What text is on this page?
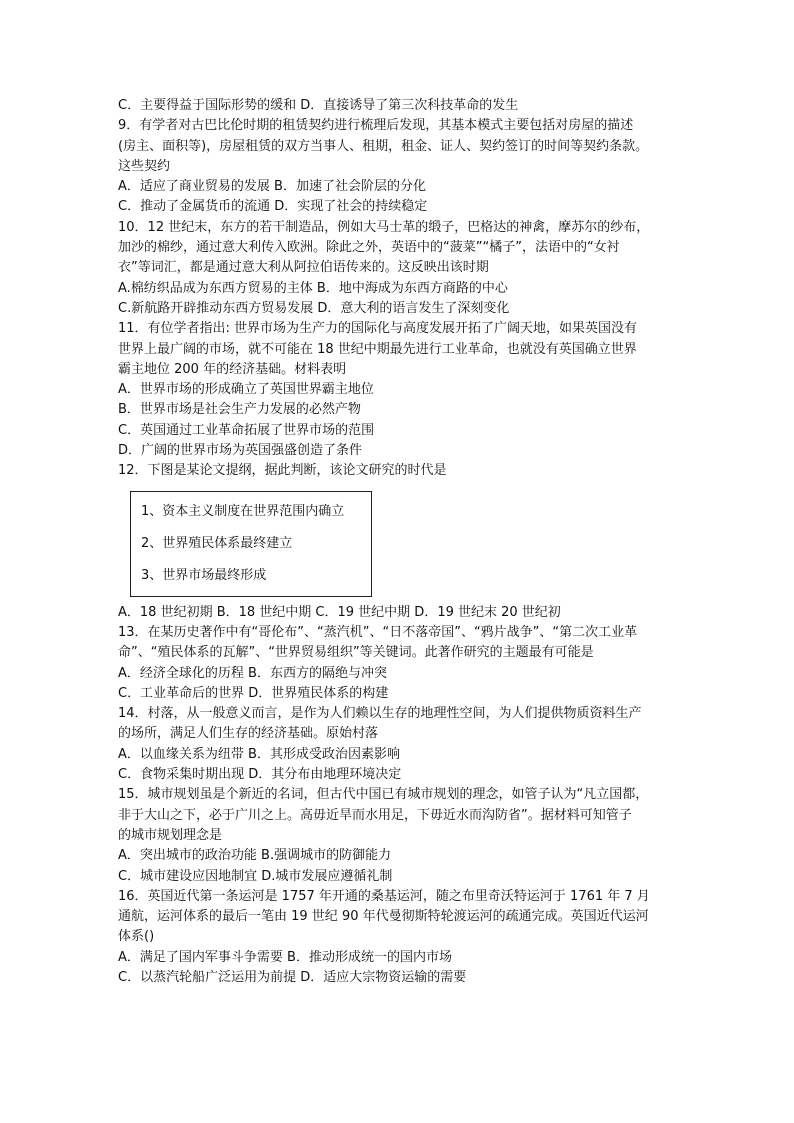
C．主要得益于国际形势的缓和 D．直接诱导了第三次科技革命的发生
9．有学者对古巴比伦时期的租赁契约进行梳理后发现，其基本模式主要包括对房屋的描述
(房主、面积等)，房屋租赁的双方当事人、租期，租金、证人、契约签订的时间等契约条款。
这些契约
A．适应了商业贸易的发展 B．加速了社会阶层的分化
C．推动了金属货币的流通 D．实现了社会的持续稳定
10．12 世纪末，东方的若干制造品，例如大马士革的缎子，巴格达的神禽，摩苏尔的纱布，
加沙的棉纱，通过意大利传入欧洲。除此之外，英语中的“菠菜”“橘子”，法语中的“女衬
衣”等词汇，都是通过意大利从阿拉伯语传来的。这反映出该时期
A.棉纺织品成为东西方贸易的主体 B．地中海成为东西方商路的中心
C.新航路开辟推动东西方贸易发展 D．意大利的语言发生了深刻变化
11．有位学者指出: 世界市场为生产力的国际化与高度发展开拓了广阔天地，如果英国没有
世界上最广阔的市场，就不可能在 18 世纪中期最先进行工业革命，也就没有英国确立世界
霸主地位 200 年的经济基础。材料表明
A．世界市场的形成确立了英国世界霸主地位
B．世界市场是社会生产力发展的必然产物
C．英国通过工业革命拓展了世界市场的范围
D．广阔的世界市场为英国强盛创造了条件
12．下图是某论文提纲，据此判断，该论文研究的时代是
1、资本主义制度在世界范围内确立
2、世界殖民体系最终建立
3、世界市场最终形成
A．18 世纪初期 B．18 世纪中期 C．19 世纪中期 D．19 世纪末 20 世纪初
13．在某历史著作中有“哥伦布”、“蒸汽机”、“日不落帝国”、“鸦片战争”、“第二次工业革
命”、“殖民体系的瓦解”、“世界贸易组织”等关键词。此著作研究的主题最有可能是
A．经济全球化的历程 B．东西方的隔绝与冲突
C．工业革命后的世界 D．世界殖民体系的构建
14．村落，从一般意义而言，是作为人们赖以生存的地理性空间，为人们提供物质资料生产
的场所，满足人们生存的经济基础。原始村落
A．以血缘关系为纽带 B．其形成受政治因素影响
C．食物采集时期出现 D．其分布由地理环境决定
15．城市规划虽是个新近的名词，但古代中国已有城市规划的理念，如管子认为“凡立国都，
非于大山之下，必于广川之上。高毋近旱而水用足，下毋近水而沟防省”。据材料可知管子
的城市规划理念是
A．突出城市的政治功能 B.强调城市的防御能力
C．城市建设应因地制宜 D.城市发展应遵循礼制
16．英国近代第一条运河是 1757 年开通的桑基运河，随之布里奇沃特运河于 1761 年 7 月
通航，运河体系的最后一笔由 19 世纪 90 年代曼彻斯特轮渡运河的疏通完成。英国近代运河
体系()
A．满足了国内军事斗争需要 B．推动形成统一的国内市场
C．以蒸汽轮船广泛运用为前提 D．适应大宗物资运输的需要
